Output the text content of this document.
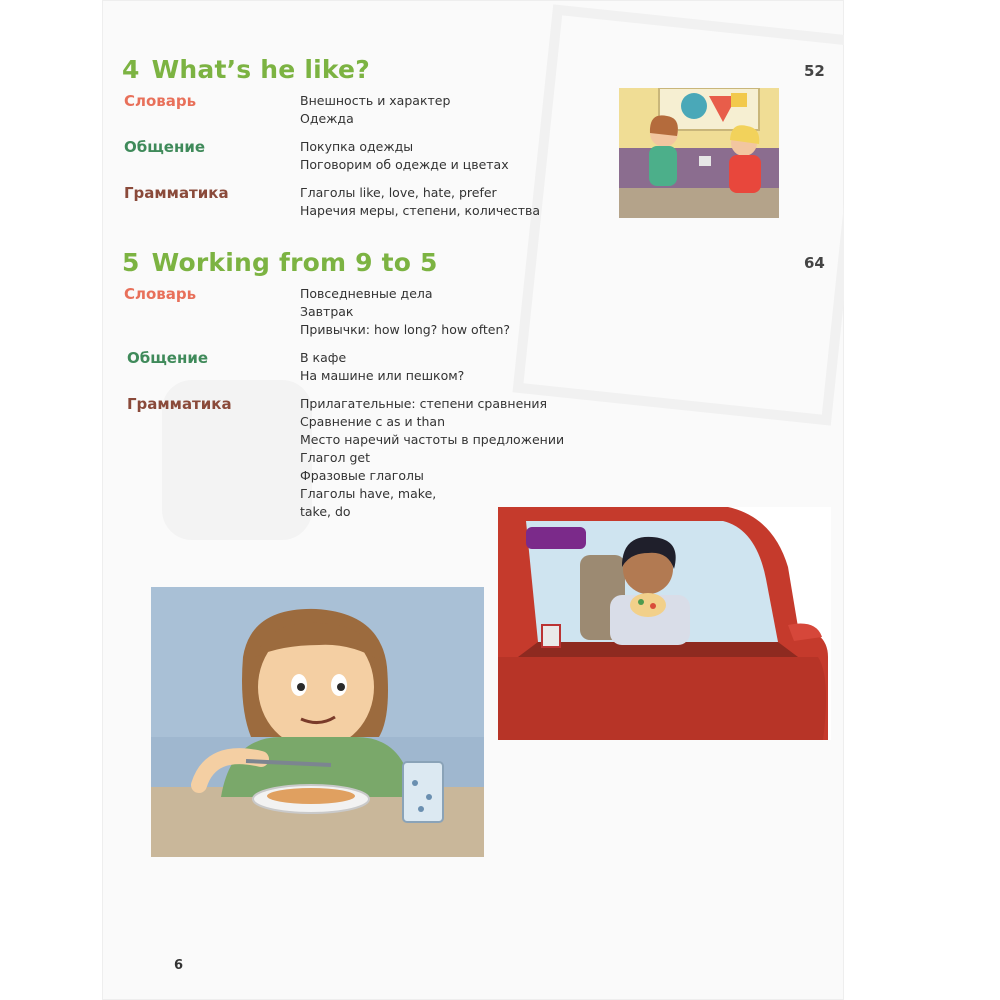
4 What’s he like?	52
Словарь	Внешность и характер
Одежда
Общение	Покупка одежды
Поговорим об одежде и цветах
Грамматика	Глаголы like, love, hate, prefer
Наречия меры, степени, количества
5 Working from 9 to 5	64
Словарь	Повседневные дела
Завтрак
Привычки: how long? how often?
Общение	В кафе
На машине или пешком?
Грамматика	Прилагательные: степени сравнения
Сравнение с as и than
Место наречий частоты в предложении
Глагол get
Фразовые глаголы
Глаголы have, make,
take, do
6
